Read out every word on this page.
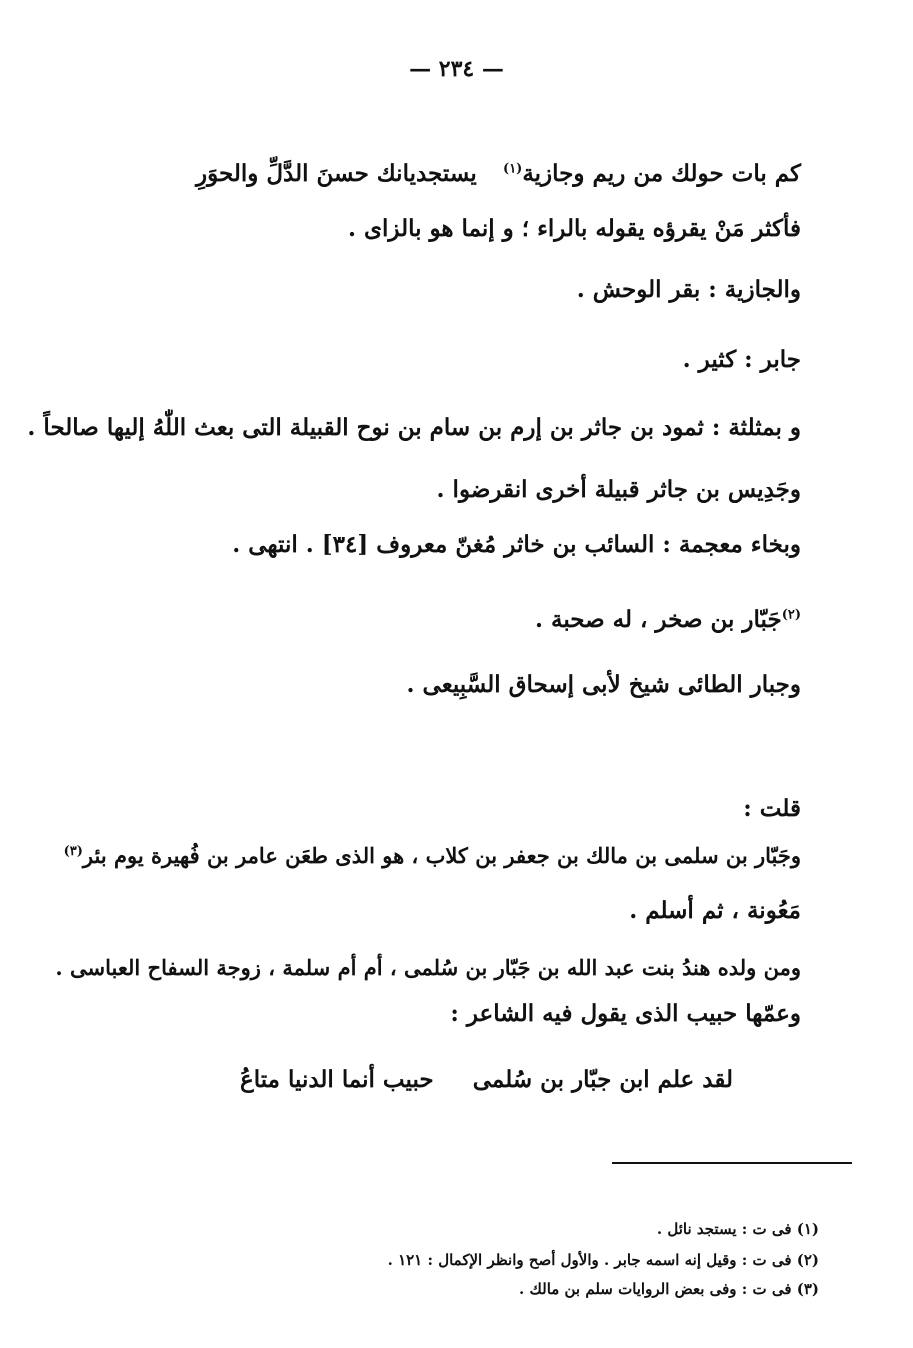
— ٢٣٤ —
كم بات حولك من ريم وجازية$^{(١)}$
يستجديانك حسنَ الدَّلِّ والحوَرِ
فأكثر مَنْ يقرؤه يقوله بالراء ؛ و إنما هو بالزاى .
والجازية : بقر الوحش .
جابر : كثير .
و بمثلثة : ثمود بن جاثر بن إرم بن سام بن نوح القبيلة التى بعث اللّٰهُ إليها صالحاً .
وجَدِيس بن جاثر قبيلة أخرى انقرضوا .
وبخاء معجمة : السائب بن خاثر مُغنّ معروف [٣٤] . انتهى .
$^{(٢)}$جَبّار بن صخر ، له صحبة .
وجبار الطائى شيخ لأبى إسحاق السَّبِيعى .
قلت :
وجَبّار بن سلمى بن مالك بن جعفر بن كلاب ، هو الذى طعَن عامر بن فُهيرة يوم بئر$^{(٣)}$
مَعُونة ، ثم أسلم .
ومن ولده هندُ بنت عبد الله بن جَبّار بن سُلمى ، أم أم سلمة ، زوجة السفاح العباسى .
وعمّها حبيب الذى يقول فيه الشاعر :
لقد علم ابن جبّار بن سُلمى
حبيب أنما الدنيا متاعُ
(١) فى ت : يستجد نائل .
(٢) فى ت : وقيل إنه اسمه جابر . والأول أصح وانظر الإكمال : ١٢١ .
(٣) فى ت : وفى بعض الروايات سلم بن مالك .
